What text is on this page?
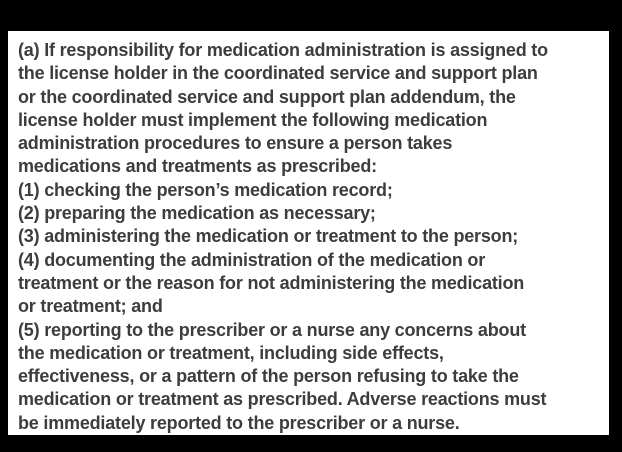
(a) If responsibility for medication administration is assigned to
the license holder in the coordinated service and support plan
or the coordinated service and support plan addendum, the
license holder must implement the following medication
administration procedures to ensure a person takes
medications and treatments as prescribed:
(1) checking the person’s medication record;
(2) preparing the medication as necessary;
(3) administering the medication or treatment to the person;
(4) documenting the administration of the medication or
treatment or the reason for not administering the medication
or treatment; and
(5) reporting to the prescriber or a nurse any concerns about
the medication or treatment, including side effects,
effectiveness, or a pattern of the person refusing to take the
medication or treatment as prescribed. Adverse reactions must
be immediately reported to the prescriber or a nurse.
